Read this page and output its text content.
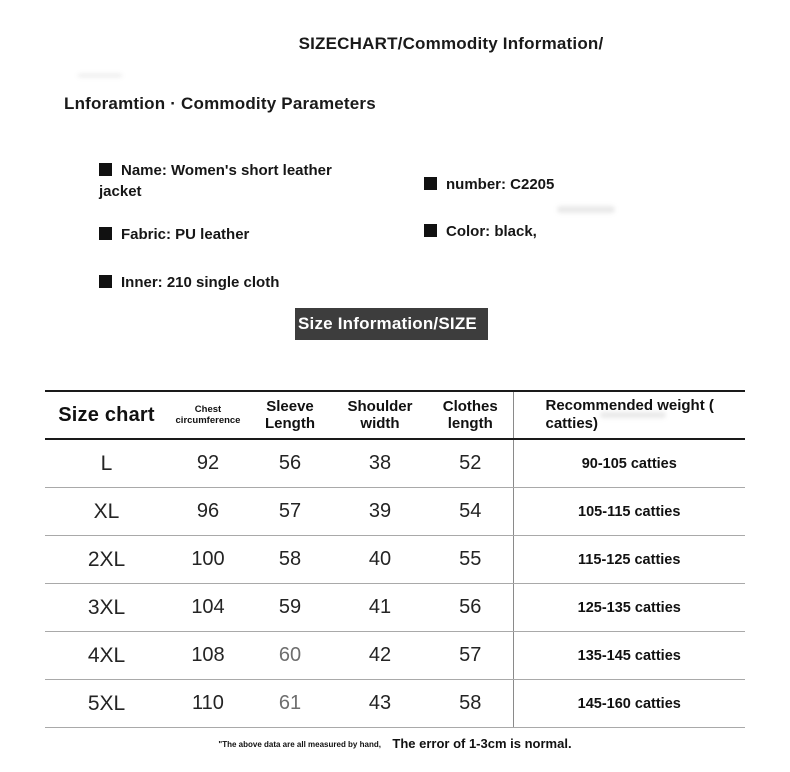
SIZECHART/Commodity Information/
Lnforamtion · Commodity Parameters

Name: Women's short leather jacket

Fabric: PU leather

Inner: 210 single cloth

number: C2205

Color: black,

Size Information/SIZE
Size chart	Chest circumference	Sleeve Length	Shoulder width	Clothes length	Recommended weight ( catties)
L	92	56	38	52	90-105 catties
XL	96	57	39	54	105-115 catties
2XL	100	58	40	55	115-125 catties
3XL	104	59	41	56	125-135 catties
4XL	108	60	42	57	135-145 catties
5XL	110	61	43	58	145-160 catties
"The above data are all measured by hand, The error of 1-3cm is normal.
